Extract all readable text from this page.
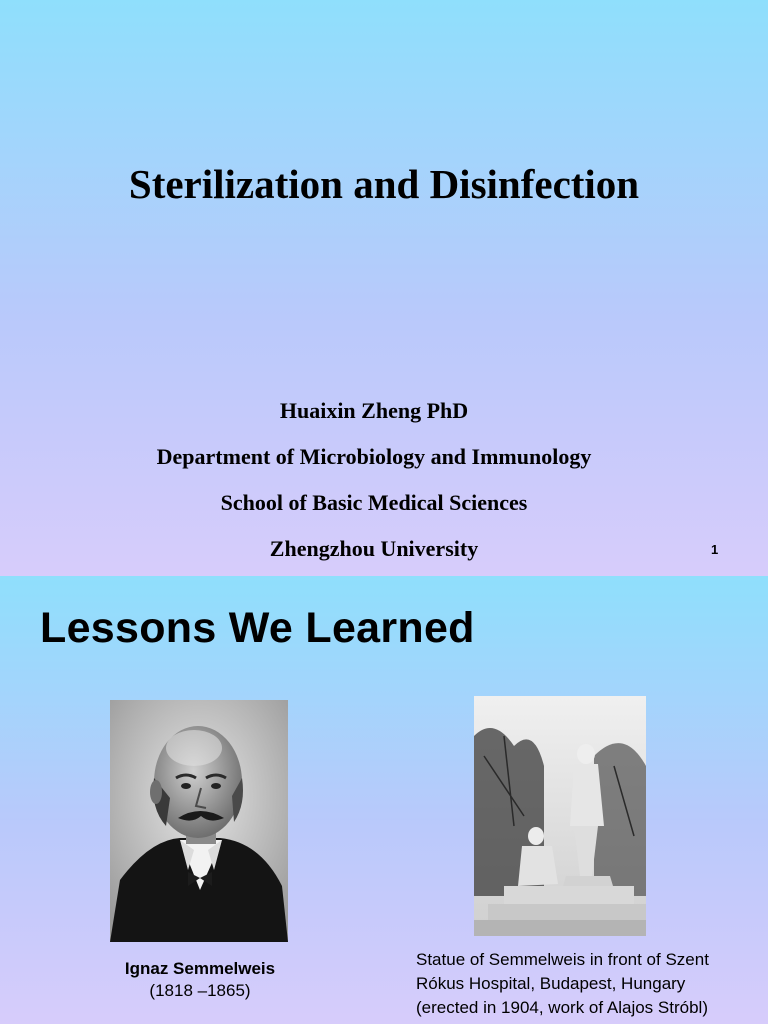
Sterilization and Disinfection

Huaixin Zheng PhD

Department of Microbiology and Immunology

School of Basic Medical Sciences

Zhengzhou University	1
Lessons We Learned
Ignaz Semmelweis
(1818 –1865)
Statue of Semmelweis in front of Szent Rókus Hospital, Budapest, Hungary (erected in 1904, work of Alajos Stróbl)
